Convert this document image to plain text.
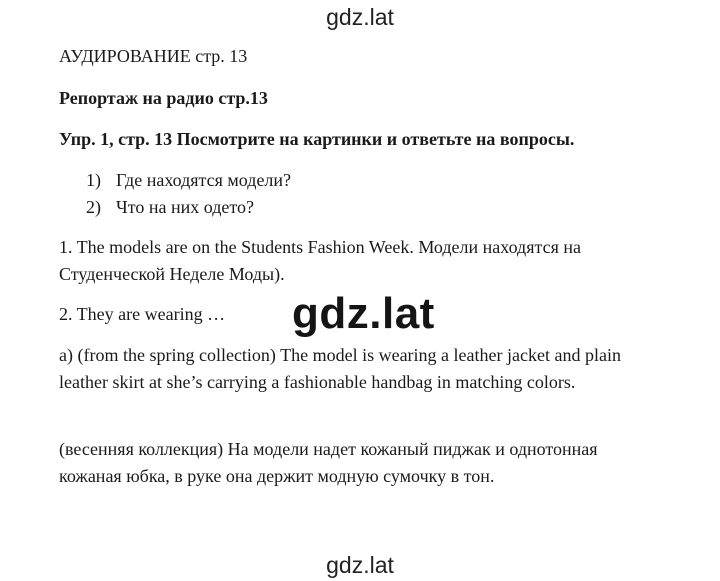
gdz.lat
АУДИРОВАНИЕ стр. 13
Репортаж на радио стр.13
Упр. 1, стр. 13 Посмотрите на картинки и ответьте на вопросы.
1) Где находятся модели?
2) Что на них одето?
1. The models are on the Students Fashion Week. Модели находятся на Студенческой Неделе Моды).
2. They are wearing …
a) (from the spring collection) The model is wearing a leather jacket and plain leather skirt at she’s carrying a fashionable handbag in matching colors.
(весенняя коллекция) На модели надет кожаный пиджак и однотонная кожаная юбка, в руке она держит модную сумочку в тон.
gdz.lat
gdz.lat
